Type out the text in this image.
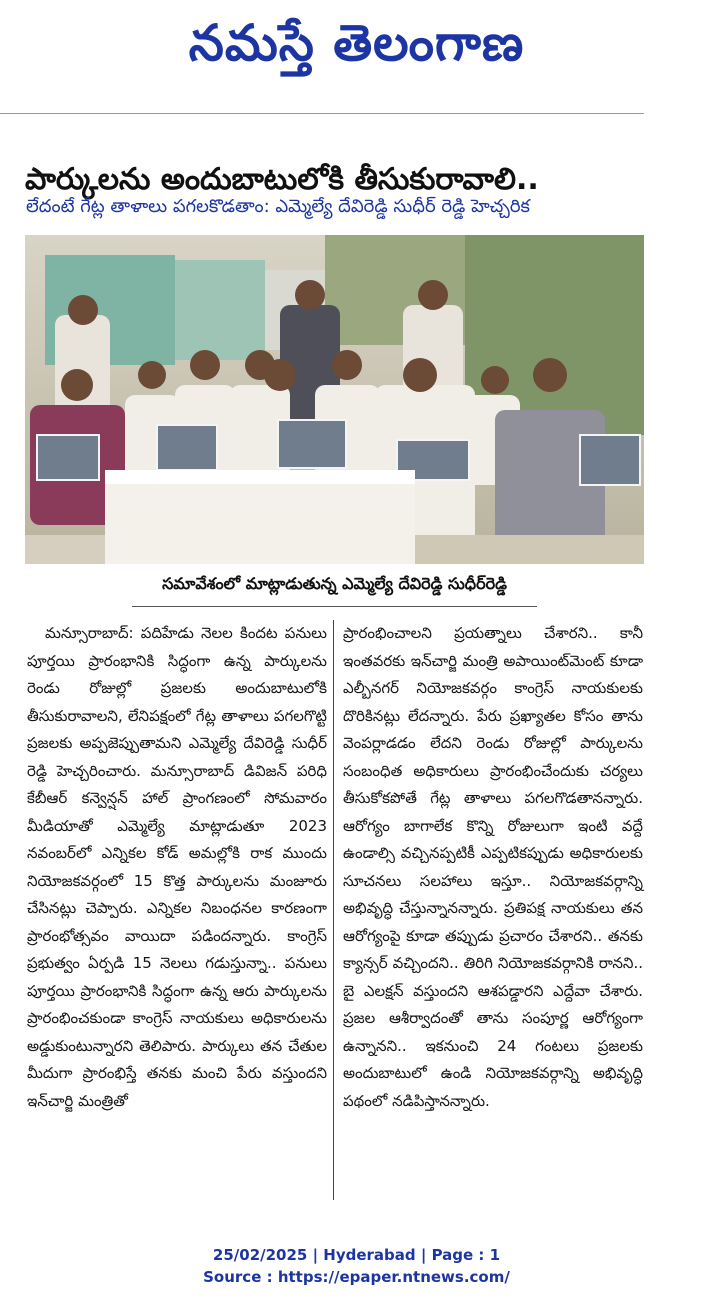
నమస్తే తెలంగాణ
పార్కులను అందుబాటులోకి తీసుకురావాలి..
లేదంటే గేట్ల తాళాలు పగలకొడతాం: ఎమ్మెల్యే దేవిరెడ్డి సుధీర్ రెడ్డి హెచ్చరిక
సమావేశంలో మాట్లాడుతున్న ఎమ్మెల్యే దేవిరెడ్డి సుధీర్‌రెడ్డి

మన్సూరాబాద్: పదిహేడు నెలల కిందట పనులు పూర్తయి ప్రారంభానికి సిద్ధంగా ఉన్న పార్కులను రెండు రోజుల్లో ప్రజలకు అందుబాటులోకి తీసుకురావాలని, లేనిపక్షంలో గేట్ల తాళాలు పగలగొట్టి ప్రజలకు అప్పజెప్పుతామని ఎమ్మెల్యే దేవిరెడ్డి సుధీర్ రెడ్డి హెచ్చరించారు. మన్సూరాబాద్ డివిజన్ పరిధి కేబీఆర్ కన్వెన్షన్ హాల్ ప్రాంగణంలో సోమవారం మీడియాతో ఎమ్మెల్యే మాట్లాడుతూ 2023 నవంబర్‌లో ఎన్నికల కోడ్ అమల్లోకి రాక ముందు నియోజకవర్గంలో 15 కొత్త పార్కులను మంజూరు చేసినట్లు చెప్పారు. ఎన్నికల నిబంధనల కారణంగా ప్రారంభోత్సవం వాయిదా పడిందన్నారు. కాంగ్రెస్ ప్రభుత్వం ఏర్పడి 15 నెలలు గడుస్తున్నా.. పనులు పూర్తయి ప్రారంభానికి సిద్ధంగా ఉన్న ఆరు పార్కులను ప్రారంభించకుండా కాంగ్రెస్ నాయకులు అధికారులను అడ్డుకుంటున్నారని తెలిపారు. పార్కులు తన చేతుల మీదుగా ప్రారంభిస్తే తనకు మంచి పేరు వస్తుందని ఇన్‌చార్జి మంత్రితో

ప్రారంభించాలని ప్రయత్నాలు చేశారని.. కానీ ఇంతవరకు ఇన్‌చార్జి మంత్రి అపాయింట్‌మెంట్ కూడా ఎల్బీనగర్ నియోజకవర్గం కాంగ్రెస్ నాయకులకు దొరికినట్లు లేదన్నారు. పేరు ప్రఖ్యాతల కోసం తాను వెంపర్లాడడం లేదని రెండు రోజుల్లో పార్కులను సంబంధిత అధికారులు ప్రారంభించేందుకు చర్యలు తీసుకోకపోతే గేట్ల తాళాలు పగలగొడతానన్నారు. ఆరోగ్యం బాగాలేక కొన్ని రోజులుగా ఇంటి వద్దే ఉండాల్సి వచ్చినప్పటికీ ఎప్పటికప్పుడు అధికారులకు సూచనలు సలహాలు ఇస్తూ.. నియోజకవర్గాన్ని అభివృద్ధి చేస్తున్నానన్నారు. ప్రతిపక్ష నాయకులు తన ఆరోగ్యంపై కూడా తప్పుడు ప్రచారం చేశారని.. తనకు క్యాన్సర్ వచ్చిందని.. తిరిగి నియోజకవర్గానికి రానని.. బై ఎలక్షన్ వస్తుందని ఆశపడ్డారని ఎద్దేవా చేశారు. ప్రజల ఆశీర్వాదంతో తాను సంపూర్ణ ఆరోగ్యంగా ఉన్నానని.. ఇకనుంచి 24 గంటలు ప్రజలకు అందుబాటులో ఉండి నియోజకవర్గాన్ని అభివృద్ధి పథంలో నడిపిస్తానన్నారు.

25/02/2025 | Hyderabad | Page : 1
Source : https://epaper.ntnews.com/
